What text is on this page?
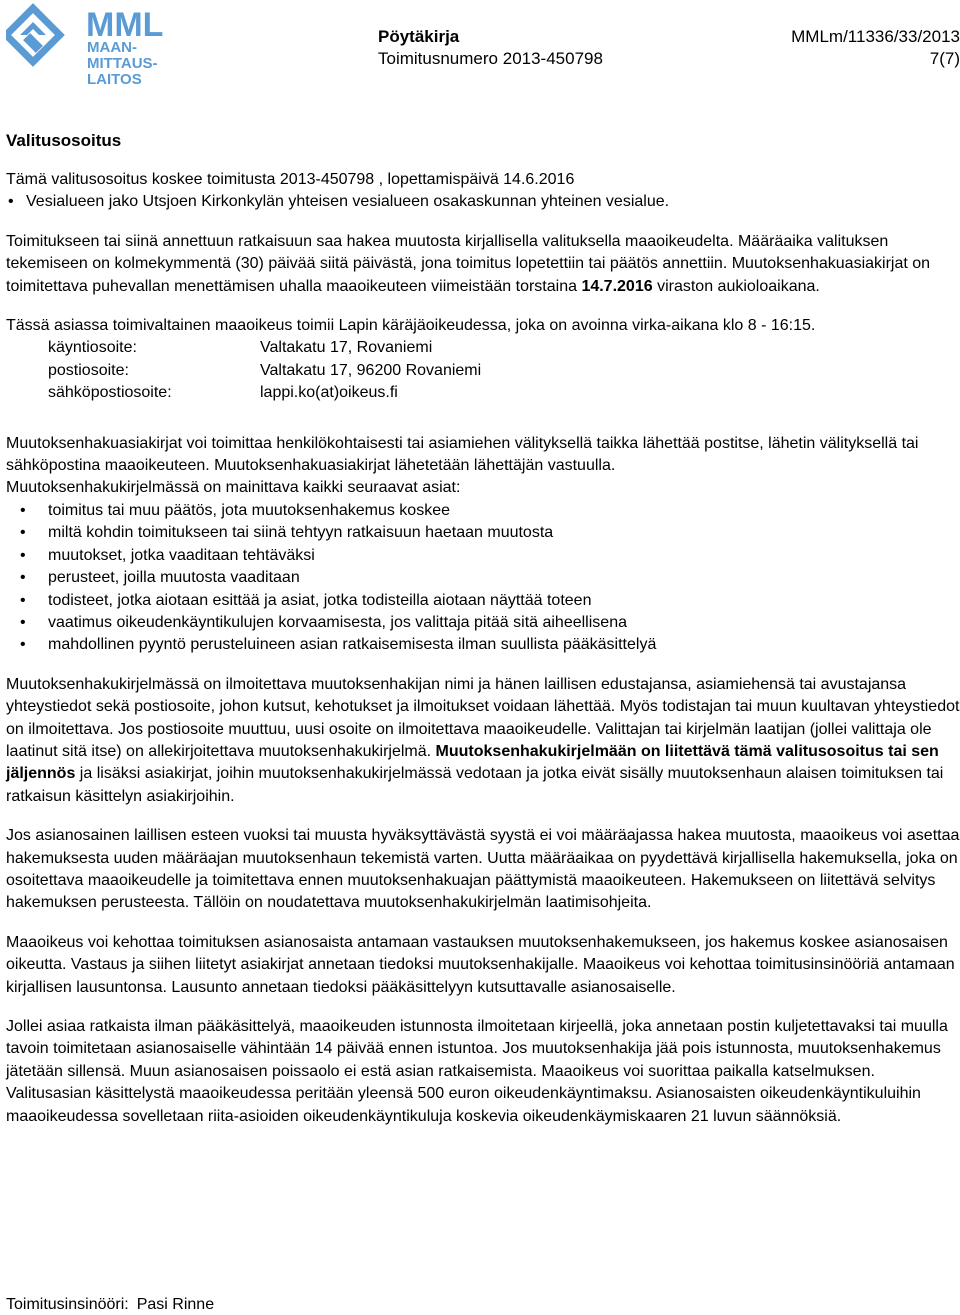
MML
MAAN-
MITTAUS-
LAITOS
Pöytäkirja
Toimitusnumero 2013-450798
MMLm/11336/33/2013
7(7)
Valitusosoitus

Tämä valitusosoitus koskee toimitusta 2013-450798 , lopettamispäivä 14.6.2016

• Vesialueen jako Utsjoen Kirkonkylän yhteisen vesialueen osakaskunnan yhteinen vesialue.

Toimitukseen tai siinä annettuun ratkaisuun saa hakea muutosta kirjallisella valituksella maaoikeudelta. Määräaika valituksen tekemiseen on kolmekymmentä (30) päivää siitä päivästä, jona toimitus lopetettiin tai päätös annettiin. Muutoksenhakuasiakirjat on toimitettava puhevallan menettämisen uhalla maaoikeuteen viimeistään torstaina 14.7.2016 viraston aukioloaikana.

Tässä asiassa toimivaltainen maaoikeus toimii Lapin käräjäoikeudessa, joka on avoinna virka-aikana klo 8 - 16:15.

käyntiosoite:	Valtakatu 17, Rovaniemi
postiosoite:	Valtakatu 17, 96200 Rovaniemi
sähköpostiosoite:	lappi.ko(at)oikeus.fi

Muutoksenhakuasiakirjat voi toimittaa henkilökohtaisesti tai asiamiehen välityksellä taikka lähettää postitse, lähetin välityksellä tai sähköpostina maaoikeuteen. Muutoksenhakuasiakirjat lähetetään lähettäjän vastuulla.

Muutoksenhakukirjelmässä on mainittava kaikki seuraavat asiat:

• toimitus tai muu päätös, jota muutoksenhakemus koskee
• miltä kohdin toimitukseen tai siinä tehtyyn ratkaisuun haetaan muutosta
• muutokset, jotka vaaditaan tehtäväksi
• perusteet, joilla muutosta vaaditaan
• todisteet, jotka aiotaan esittää ja asiat, jotka todisteilla aiotaan näyttää toteen
• vaatimus oikeudenkäyntikulujen korvaamisesta, jos valittaja pitää sitä aiheellisena
• mahdollinen pyyntö perusteluineen asian ratkaisemisesta ilman suullista pääkäsittelyä

Muutoksenhakukirjelmässä on ilmoitettava muutoksenhakijan nimi ja hänen laillisen edustajansa, asiamiehensä tai avustajansa yhteystiedot sekä postiosoite, johon kutsut, kehotukset ja ilmoitukset voidaan lähettää. Myös todistajan tai muun kuultavan yhteystiedot on ilmoitettava. Jos postiosoite muuttuu, uusi osoite on ilmoitettava maaoikeudelle. Valittajan tai kirjelmän laatijan (jollei valittaja ole laatinut sitä itse) on allekirjoitettava muutoksenhakukirjelmä. Muutoksenhakukirjelmään on liitettävä tämä valitusosoitus tai sen jäljennös ja lisäksi asiakirjat, joihin muutoksenhakukirjelmässä vedotaan ja jotka eivät sisälly muutoksenhaun alaisen toimituksen tai ratkaisun käsittelyn asiakirjoihin.

Jos asianosainen laillisen esteen vuoksi tai muusta hyväksyttävästä syystä ei voi määräajassa hakea muutosta, maaoikeus voi asettaa hakemuksesta uuden määräajan muutoksenhaun tekemistä varten. Uutta määräaikaa on pyydettävä kirjallisella hakemuksella, joka on osoitettava maaoikeudelle ja toimitettava ennen muutoksenhakuajan päättymistä maaoikeuteen. Hakemukseen on liitettävä selvitys hakemuksen perusteesta. Tällöin on noudatettava muutoksenhakukirjelmän laatimisohjeita.

Maaoikeus voi kehottaa toimituksen asianosaista antamaan vastauksen muutoksenhakemukseen, jos hakemus koskee asianosaisen oikeutta. Vastaus ja siihen liitetyt asiakirjat annetaan tiedoksi muutoksenhakijalle. Maaoikeus voi kehottaa toimitusinsinööriä antamaan kirjallisen lausuntonsa. Lausunto annetaan tiedoksi pääkäsittelyyn kutsuttavalle asianosaiselle.

Jollei asiaa ratkaista ilman pääkäsittelyä, maaoikeuden istunnosta ilmoitetaan kirjeellä, joka annetaan postin kuljetettavaksi tai muulla tavoin toimitetaan asianosaiselle vähintään 14 päivää ennen istuntoa. Jos muutoksenhakija jää pois istunnosta, muutoksenhakemus jätetään sillensä. Muun asianosaisen poissaolo ei estä asian ratkaisemista. Maaoikeus voi suorittaa paikalla katselmuksen. Valitusasian käsittelystä maaoikeudessa peritään yleensä 500 euron oikeudenkäyntimaksu. Asianosaisten oikeudenkäyntikuluihin maaoikeudessa sovelletaan riita-asioiden oikeudenkäyntikuluja koskevia oikeudenkäymiskaaren 21 luvun säännöksiä.

Toimitusinsinööri: Pasi Rinne
